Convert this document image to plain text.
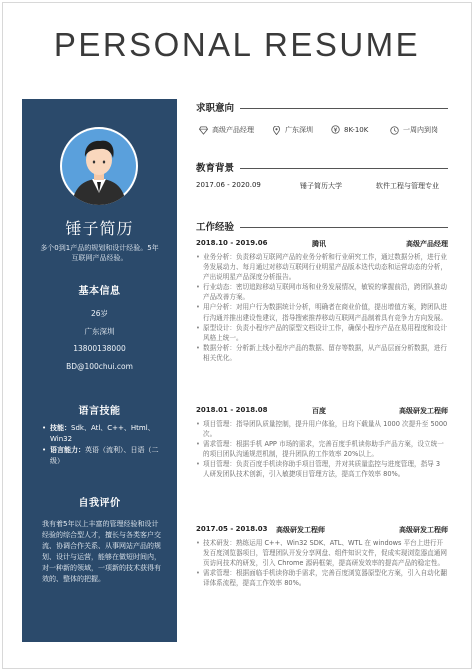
PERSONAL RESUME
锤子简历
多个0到1产品的规划和设计经验。5年互联网产品经验。
基本信息
26岁
广东深圳
13800138000
BD@100chui.com
语言技能
• 技能：Sdk、Atl、C++、Html、Win32
• 语言能力：英语（流利）、日语（二级）
自我评价
我有着5年以上丰富的管理经验和设计经验的综合型人才，擅长与各类客户交流、协调合作关系、从事网站产品的规划、设计与运营，能够在做短时间内，对一种新的领域，一项新的技术获得有效的、整体的把握。
求职意向
高级产品经理	广东深圳	8K-10K	一周内到岗
教育背景
2017.06 - 2020.09	锤子简历大学	软件工程与管理专业
工作经验
2018.10 - 2019.06	腾讯	高级产品经理
• 业务分析：负责移动互联网产品的业务分析和行业研究工作，通过数据分析，进行业务发展动力、每月通过对移动互联网行业明星产品版本迭代动态和运营动态的分析，产出说明星产品深度分析报告。
• 行业动态：密切追踪移动互联网市场和业务发展情况，敏锐的掌握前沿，跨团队推动产品改善方案。
• 用户分析：对用户行为数据统计分析，明确者在商业价值，提出增值方案，跨团队进行沟通并推出建设性建议，指导搜索推荐移动互联网产品制着具有竞争力方向发展。
• 原型设计：负责小程序产品的原型文档设计工作，确保小程序产品在易用程度和设计风格上统一。
• 数据分析：分析新上线小程序产品的数据、留存等数据，从产品层面分析数据，进行相关优化。
2018.01 - 2018.08	百度	高级研发工程师
• 项目管理：指导团队质量控制，提升用户体验，日均下载量从 1000 次提升至 5000 次。
• 需求管理：根据手机 APP 市场的需求，完善百度手机读你助手产品方案，设立统一的项目团队沟通规范机制，提升团队的工作效率 20%以上。
• 项目管理：负责百度手机读你助手项目管理，并对其质量监控与进度管理，指导 3 人研发团队技术创新，引入敏捷项目管理方法，提高工作效率 80%。
2017.05 - 2018.03 高级研发工程师	高级研发工程师
• 技术研发：熟练运用 C++、Win32 SDK、ATL、WTL 在 windows 平台上进行开发百度浏览器项目，管理团队开发分享网盘、组件知识文件，促成实现浏览器直通网页访问技术的研发，引入 Chrome 源码框架，提高研发效率的提高产品的稳定性。
• 需求管理：根据面临手机读你助手需求，完善百度浏览器原型化方案，引入自动化翻译体系流程，提高工作效率 80%。
